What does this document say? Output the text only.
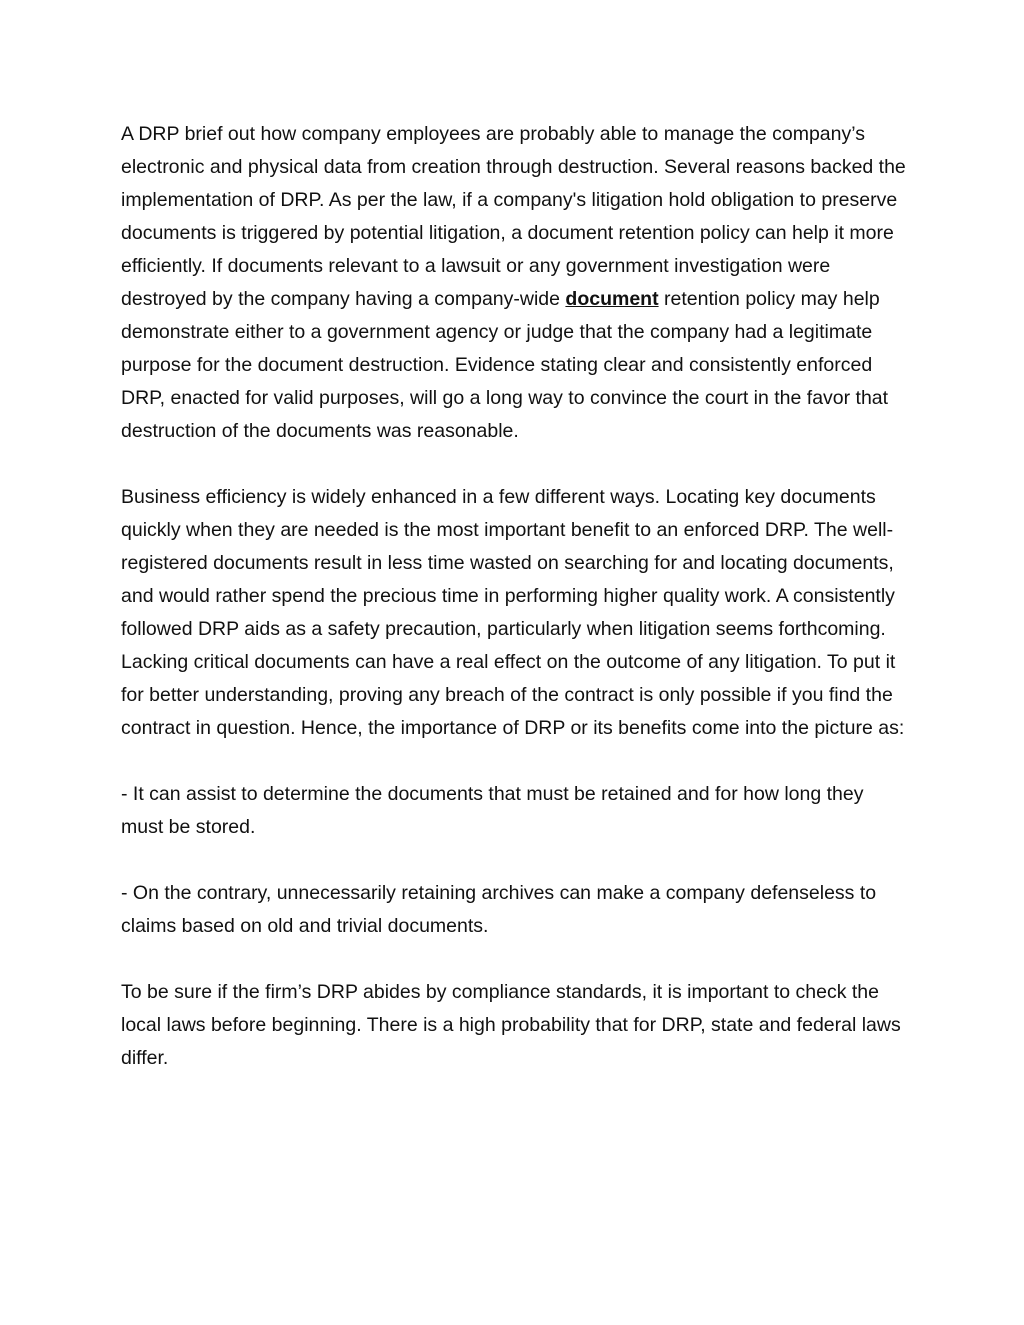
A DRP brief out how company employees are probably able to manage the company’s electronic and physical data from creation through destruction. Several reasons backed the implementation of DRP. As per the law, if a company's litigation hold obligation to preserve documents is triggered by potential litigation, a document retention policy can help it more efficiently. If documents relevant to a lawsuit or any government investigation were destroyed by the company having a company-wide document retention policy may help demonstrate either to a government agency or judge that the company had a legitimate purpose for the document destruction. Evidence stating clear and consistently enforced DRP, enacted for valid purposes, will go a long way to convince the court in the favor that destruction of the documents was reasonable.

Business efficiency is widely enhanced in a few different ways. Locating key documents quickly when they are needed is the most important benefit to an enforced DRP. The well-registered documents result in less time wasted on searching for and locating documents, and would rather spend the precious time in performing higher quality work. A consistently followed DRP aids as a safety precaution, particularly when litigation seems forthcoming. Lacking critical documents can have a real effect on the outcome of any litigation. To put it for better understanding, proving any breach of the contract is only possible if you find the contract in question. Hence, the importance of DRP or its benefits come into the picture as:

- It can assist to determine the documents that must be retained and for how long they must be stored.

- On the contrary, unnecessarily retaining archives can make a company defenseless to claims based on old and trivial documents.

To be sure if the firm’s DRP abides by compliance standards, it is important to check the local laws before beginning. There is a high probability that for DRP, state and federal laws differ.
